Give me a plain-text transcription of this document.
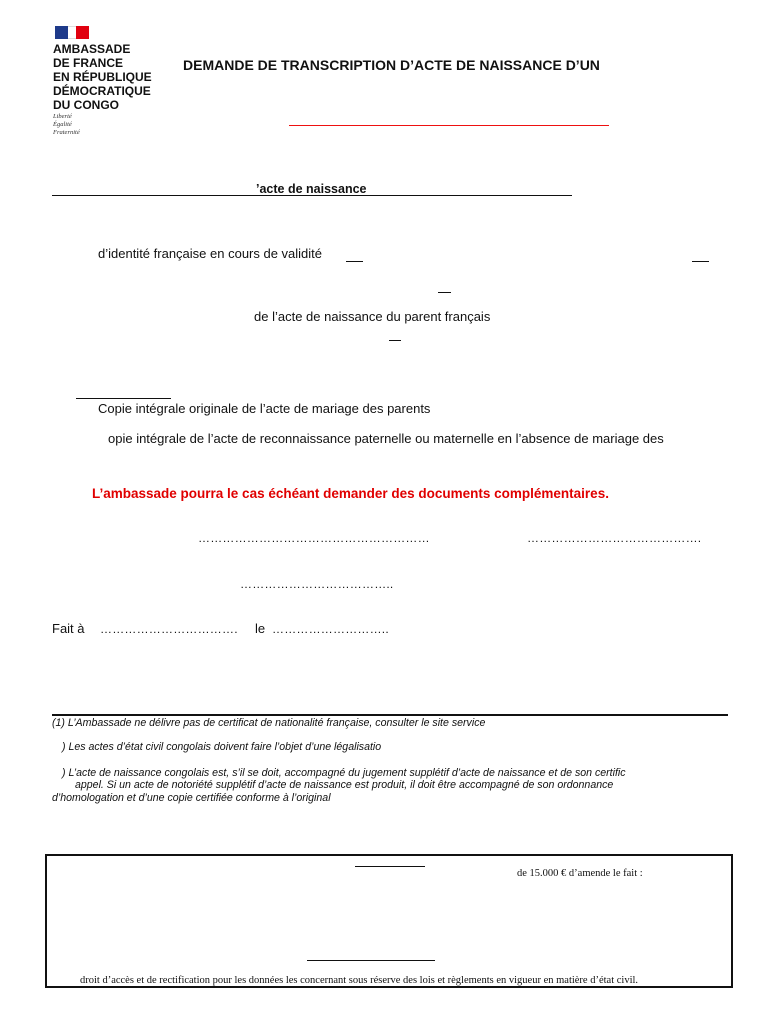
AMBASSADE
DE FRANCE
EN RÉPUBLIQUE
DÉMOCRATIQUE
DU CONGO
Liberté
Égalité
Fraternité
DEMANDE DE TRANSCRIPTION D’ACTE DE NAISSANCE D’UN
’acte de naissance
d’identité française en cours de validité
de l’acte de naissance du parent français
Copie intégrale originale de l’acte de mariage des parents
opie intégrale de l’acte de reconnaissance paternelle ou maternelle en l’absence de mariage des
L’ambassade pourra le cas échéant demander des documents complémentaires.
…………………………………………………	…………………………………….
………………………………..
Fait à ……………………………. le ………………………..
(1) L’Ambassade ne délivre pas de certificat de nationalité française, consulter le site service
) Les actes d’état civil congolais doivent faire l’objet d’une légalisatio
) L’acte de naissance congolais est, s’il se doit, accompagné du jugement supplétif d’acte de naissance et de son certific
appel. Si un acte de notoriété supplétif d’acte de naissance est produit, il doit être accompagné de son ordonnance
d’homologation et d’une copie certifiée conforme à l’original
de 15.000 € d’amende le fait :
droit d’accès et de rectification pour les données les concernant sous réserve des lois et règlements en vigueur en matière d’état civil.
